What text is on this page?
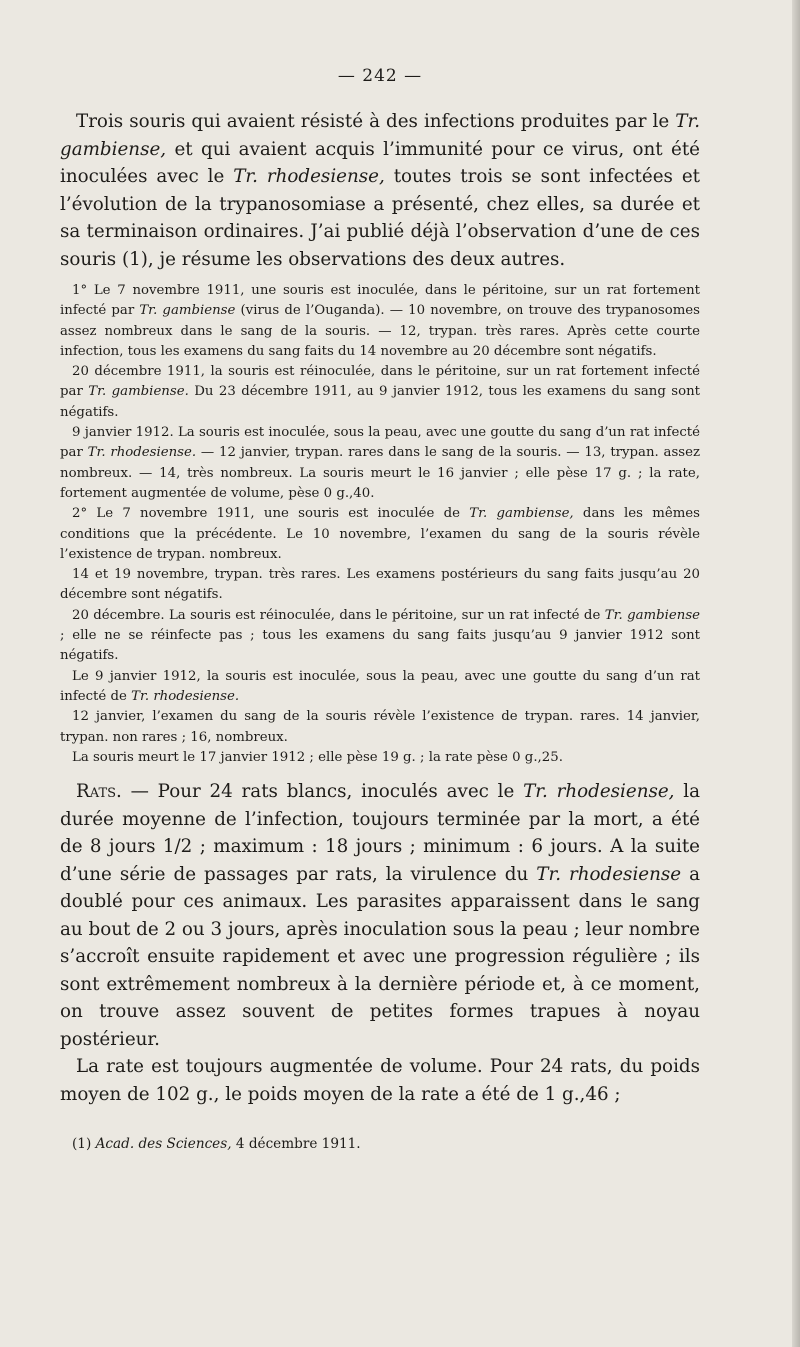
— 242 —

Trois souris qui avaient résisté à des infections produites par le Tr. gambiense, et qui avaient acquis l’immunité pour ce virus, ont été inoculées avec le Tr. rhodesiense, toutes trois se sont infectées et l’évolution de la trypanosomiase a présenté, chez elles, sa durée et sa terminaison ordinaires. J’ai publié déjà l’observation d’une de ces souris (1), je résume les observations des deux autres.

1° Le 7 novembre 1911, une souris est inoculée, dans le péritoine, sur un rat fortement infecté par Tr. gambiense (virus de l’Ouganda). — 10 novembre, on trouve des trypanosomes assez nombreux dans le sang de la souris. — 12, trypan. très rares. Après cette courte infection, tous les examens du sang faits du 14 novembre au 20 décembre sont négatifs.

20 décembre 1911, la souris est réinoculée, dans le péritoine, sur un rat fortement infecté par Tr. gambiense. Du 23 décembre 1911, au 9 janvier 1912, tous les examens du sang sont négatifs.

9 janvier 1912. La souris est inoculée, sous la peau, avec une goutte du sang d’un rat infecté par Tr. rhodesiense. — 12 janvier, trypan. rares dans le sang de la souris. — 13, trypan. assez nombreux. — 14, très nombreux. La souris meurt le 16 janvier ; elle pèse 17 g. ; la rate, fortement augmentée de volume, pèse 0 g.,40.

2° Le 7 novembre 1911, une souris est inoculée de Tr. gambiense, dans les mêmes conditions que la précédente. Le 10 novembre, l’examen du sang de la souris révèle l’existence de trypan. nombreux.

14 et 19 novembre, trypan. très rares. Les examens postérieurs du sang faits jusqu’au 20 décembre sont négatifs.

20 décembre. La souris est réinoculée, dans le péritoine, sur un rat infecté de Tr. gambiense ; elle ne se réinfecte pas ; tous les examens du sang faits jusqu’au 9 janvier 1912 sont négatifs.

Le 9 janvier 1912, la souris est inoculée, sous la peau, avec une goutte du sang d’un rat infecté de Tr. rhodesiense.

12 janvier, l’examen du sang de la souris révèle l’existence de trypan. rares. 14 janvier, trypan. non rares ; 16, nombreux.

La souris meurt le 17 janvier 1912 ; elle pèse 19 g. ; la rate pèse 0 g.,25.

Rats. — Pour 24 rats blancs, inoculés avec le Tr. rhodesiense, la durée moyenne de l’infection, toujours terminée par la mort, a été de 8 jours 1/2 ; maximum : 18 jours ; minimum : 6 jours. A la suite d’une série de passages par rats, la virulence du Tr. rhodesiense a doublé pour ces animaux. Les parasites apparaissent dans le sang au bout de 2 ou 3 jours, après inoculation sous la peau ; leur nombre s’accroît ensuite rapidement et avec une progression régulière ; ils sont extrêmement nombreux à la dernière période et, à ce moment, on trouve assez souvent de petites formes trapues à noyau postérieur.

La rate est toujours augmentée de volume. Pour 24 rats, du poids moyen de 102 g., le poids moyen de la rate a été de 1 g.,46 ;

(1) Acad. des Sciences, 4 décembre 1911.
